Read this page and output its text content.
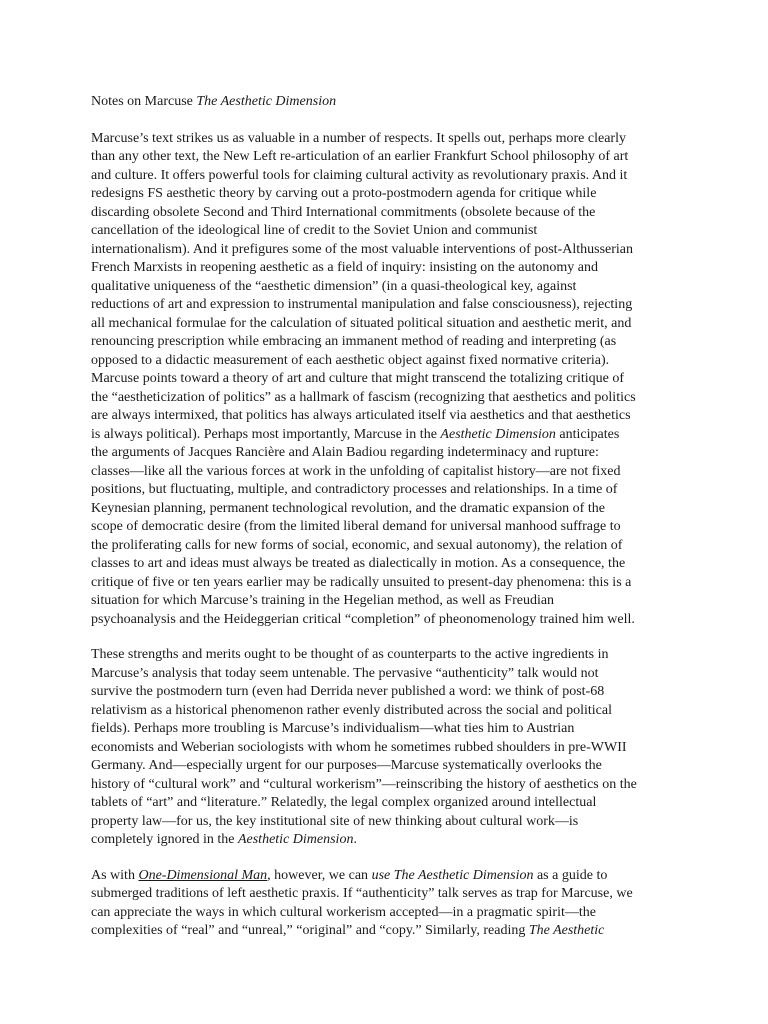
Notes on Marcuse The Aesthetic Dimension

Marcuse’s text strikes us as valuable in a number of respects. It spells out, perhaps more clearly
than any other text, the New Left re-articulation of an earlier Frankfurt School philosophy of art
and culture. It offers powerful tools for claiming cultural activity as revolutionary praxis. And it
redesigns FS aesthetic theory by carving out a proto-postmodern agenda for critique while
discarding obsolete Second and Third International commitments (obsolete because of the
cancellation of the ideological line of credit to the Soviet Union and communist
internationalism). And it prefigures some of the most valuable interventions of post-Althusserian
French Marxists in reopening aesthetic as a field of inquiry: insisting on the autonomy and
qualitative uniqueness of the “aesthetic dimension” (in a quasi-theological key, against
reductions of art and expression to instrumental manipulation and false consciousness), rejecting
all mechanical formulae for the calculation of situated political situation and aesthetic merit, and
renouncing prescription while embracing an immanent method of reading and interpreting (as
opposed to a didactic measurement of each aesthetic object against fixed normative criteria).
Marcuse points toward a theory of art and culture that might transcend the totalizing critique of
the “aestheticization of politics” as a hallmark of fascism (recognizing that aesthetics and politics
are always intermixed, that politics has always articulated itself via aesthetics and that aesthetics
is always political). Perhaps most importantly, Marcuse in the Aesthetic Dimension anticipates
the arguments of Jacques Rancière and Alain Badiou regarding indeterminacy and rupture:
classes—like all the various forces at work in the unfolding of capitalist history—are not fixed
positions, but fluctuating, multiple, and contradictory processes and relationships. In a time of
Keynesian planning, permanent technological revolution, and the dramatic expansion of the
scope of democratic desire (from the limited liberal demand for universal manhood suffrage to
the proliferating calls for new forms of social, economic, and sexual autonomy), the relation of
classes to art and ideas must always be treated as dialectically in motion. As a consequence, the
critique of five or ten years earlier may be radically unsuited to present-day phenomena: this is a
situation for which Marcuse’s training in the Hegelian method, as well as Freudian
psychoanalysis and the Heideggerian critical “completion” of pheonomenology trained him well.

These strengths and merits ought to be thought of as counterparts to the active ingredients in
Marcuse’s analysis that today seem untenable. The pervasive “authenticity” talk would not
survive the postmodern turn (even had Derrida never published a word: we think of post-68
relativism as a historical phenomenon rather evenly distributed across the social and political
fields). Perhaps more troubling is Marcuse’s individualism—what ties him to Austrian
economists and Weberian sociologists with whom he sometimes rubbed shoulders in pre-WWII
Germany. And—especially urgent for our purposes—Marcuse systematically overlooks the
history of “cultural work” and “cultural workerism”—reinscribing the history of aesthetics on the
tablets of “art” and “literature.” Relatedly, the legal complex organized around intellectual
property law—for us, the key institutional site of new thinking about cultural work—is
completely ignored in the Aesthetic Dimension.

As with One-Dimensional Man, however, we can use The Aesthetic Dimension as a guide to
submerged traditions of left aesthetic praxis. If “authenticity” talk serves as trap for Marcuse, we
can appreciate the ways in which cultural workerism accepted—in a pragmatic spirit—the
complexities of “real” and “unreal,” “original” and “copy.” Similarly, reading The Aesthetic
